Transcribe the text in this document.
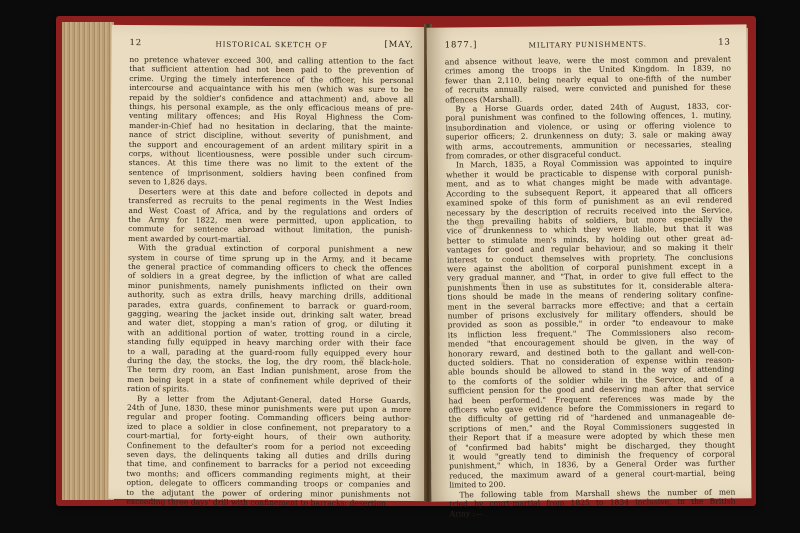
12	HISTORICAL SKETCH OF	[MAY,

no pretence whatever exceed 300, and calling attention to the fact

that sufficient attention had not been paid to the prevention of

crime. Urging the timely interference of the officer, his personal

intercourse and acquaintance with his men (which was sure to be

repaid by the soldier's confidence and attachment) and, above all

things, his personal example, as the only efficacious means of pre-

venting military offences; and His Royal Highness the Com-

mander-in-Chief had no hesitation in declaring, that the mainte-

nance of strict discipline, without severity of punishment, and

the support and encouragement of an ardent military spirit in a

corps, without licentiousness, were possible under such circum-

stances. At this time there was no limit to the extent of the

sentence of imprisonment, soldiers having been confined from

seven to 1,826 days.

Deserters were at this date and before collected in depots and

transferred as recruits to the penal regiments in the West Indies

and West Coast of Africa, and by the regulations and orders of

the Army for 1822, men were permitted, upon application, to

commute for sentence abroad without limitation, the punish-

ment awarded by court-martial.

With the gradual extinction of corporal punishment a new

system in course of time sprung up in the Army, and it became

the general practice of commanding officers to check the offences

of soldiers in a great degree, by the infliction of what are called

minor punishments, namely punishments inflicted on their own

authority, such as extra drills, heavy marching drills, additional

parades, extra guards, confinement to barrack or guard-room,

gagging, wearing the jacket inside out, drinking salt water, bread

and water diet, stopping a man's ration of grog, or diluting it

with an additional portion of water, trotting round in a circle,

standing fully equipped in heavy marching order with their face

to a wall, parading at the guard-room fully equipped every hour

during the day, the stocks, the log, the dry room, the black-hole.

The term dry room, an East Indian punishment, arose from the

men being kept in a state of confinement while deprived of their

ration of spirits.

By a letter from the Adjutant-General, dated Horse Guards,

24th of June, 1830, these minor punishments were put upon a more

regular and proper footing. Commanding officers being author-

ized to place a soldier in close confinement, not preparatory to a

court-martial, for forty-eight hours, of their own authority.

Confinement to the defaulter's room for a period not exceeding

seven days, the delinquents taking all duties and drills during

that time, and confinement to barracks for a period not exceeding

two months; and officers commanding regiments might, at their

option, delegate to officers commanding troops or companies and

to the adjutant the power of ordering minor punishments not

exceeding three days' drill with confinement to barracks; desertion

1877.]	MILITARY PUNISHMENTS.	13

and absence without leave, were the most common and prevalent

crimes among the troops in the United Kingdom. In 1839, no

fewer than 2,110, being nearly equal to one-fifth of the number

of recruits annually raised, were convicted and punished for these

offences (Marshall).

By a Horse Guards order, dated 24th of August, 1833, cor-

poral punishment was confined to the following offences, 1. mutiny,

insubordination and violence, or using or offering violence to

superior officers; 2. drunkenness on duty; 3. sale or making away

with arms, accoutrements, ammunition or necessaries, stealing

from comrades, or other disgraceful conduct.

In March, 1835, a Royal Commission was appointed to inquire

whether it would be practicable to dispense with corporal punish-

ment, and as to what changes might be made with advantage.

According to the subsequent Report, it appeared that all officers

examined spoke of this form of punishment as an evil rendered

necessary by the description of recruits received into the Service,

the then prevailing habits of soldiers, but more especially the

vice of drunkenness to which they were liable, but that it was

better to stimulate men's minds, by holding out other great ad-

vantages for good and regular behaviour, and so making it their

interest to conduct themselves with propriety. The conclusions

were against the abolition of corporal punishment except in a

very gradual manner, and "That, in order to give full effect to the

punishments then in use as substitutes for it, considerable altera-

tions should be made in the means of rendering solitary confine-

ment in the several barracks more effective; and that a certain

number of prisons exclusively for military offenders, should be

provided as soon as possible," in order "to endeavour to make

its infliction less frequent." The Commissioners also recom-

mended "that encouragement should be given, in the way of

honorary reward, and destined both to the gallant and well-con-

ducted soldiers. That no consideration of expense within reason-

able bounds should be allowed to stand in the way of attending

to the comforts of the soldier while in the Service, and of a

sufficient pension for the good and deserving man after that service

had been performed." Frequent references was made by the

officers who gave evidence before the Commissioners in regard to

the difficulty of getting rid of "hardened and unmanageable de-

scriptions of men," and the Royal Commissioners suggested in

their Report that if a measure were adopted by which these men

of "confirmed bad habits" might be discharged, they thought

it would "greatly tend to diminish the frequency of corporal

punishment," which, in 1836, by a General Order was further

reduced, the maximum award of a general court-martial, being

limited to 200.

The following table from Marshall shews the number of men

tried by court-martial from 1825 to 1834 inclusive, in the British

Army :—
